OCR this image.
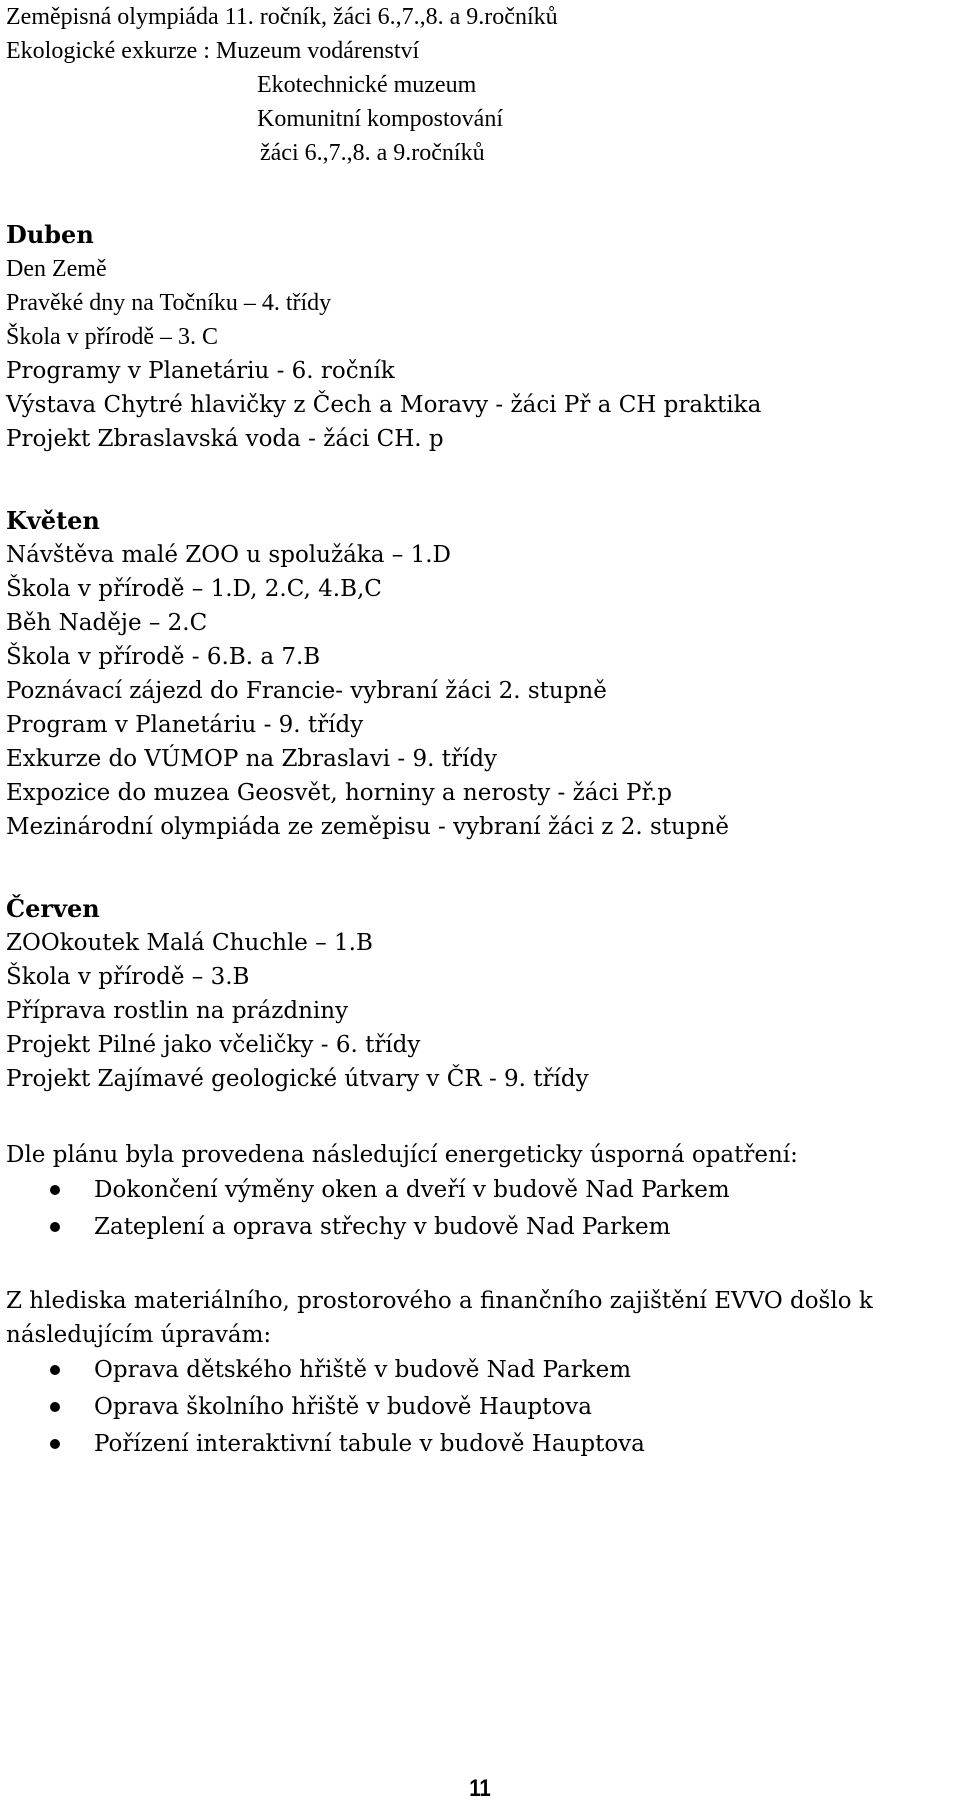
Zeměpisná olympiáda 11. ročník, žáci 6.,7.,8. a 9.ročníků
Ekologické exkurze : Muzeum vodárenství
Ekotechnické muzeum
Komunitní kompostování
žáci 6.,7.,8. a 9.ročníků
Duben
Den Země
Pravěké dny na Točníku – 4. třídy
Škola v přírodě – 3. C
Programy v Planetáriu - 6. ročník
Výstava Chytré hlavičky z Čech a Moravy - žáci Př a CH praktika
Projekt Zbraslavská voda - žáci CH. p
Květen
Návštěva malé ZOO u spolužáka – 1.D
Škola v přírodě – 1.D, 2.C, 4.B,C
Běh Naděje – 2.C
Škola v přírodě - 6.B. a 7.B
Poznávací zájezd do Francie- vybraní žáci 2. stupně
Program v Planetáriu - 9. třídy
Exkurze do VÚMOP na Zbraslavi - 9. třídy
Expozice do muzea Geosvět, horniny a nerosty - žáci Př.p
Mezinárodní olympiáda ze zeměpisu - vybraní žáci z 2. stupně
Červen
ZOOkoutek Malá Chuchle – 1.B
Škola v přírodě – 3.B
Příprava rostlin na prázdniny
Projekt Pilné jako včeličky - 6. třídy
Projekt Zajímavé geologické útvary v ČR - 9. třídy
Dle plánu byla provedena následující energeticky úsporná opatření:
Dokončení výměny oken a dveří v budově Nad Parkem
Zateplení a oprava střechy v budově Nad Parkem
Z hlediska materiálního, prostorového a finančního zajištění EVVO došlo k následujícím úpravám:
Oprava dětského hřiště v budově Nad Parkem
Oprava školního hřiště v budově Hauptova
Pořízení interaktivní tabule v budově Hauptova
11
